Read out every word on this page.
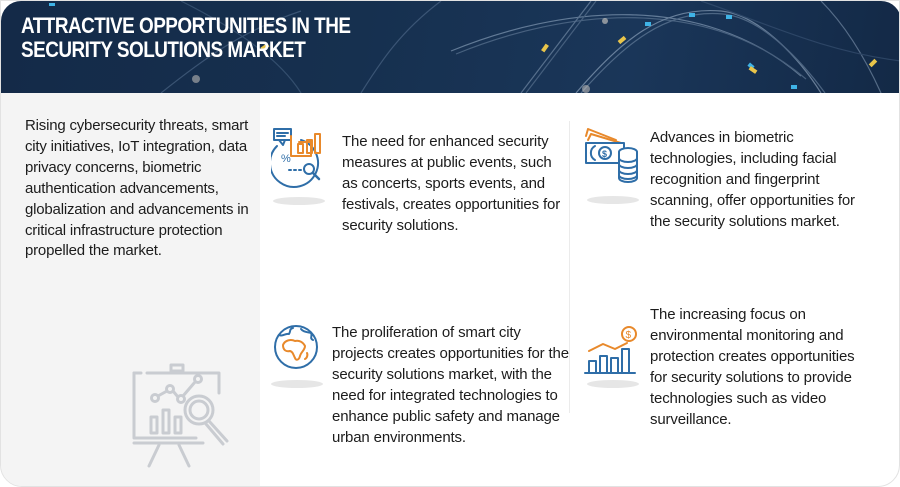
ATTRACTIVE OPPORTUNITIES IN THE
SECURITY SOLUTIONS MARKET
Rising cybersecurity threats, smart city initiatives, IoT integration, data privacy concerns, biometric authentication advancements, globalization and advancements in critical infrastructure protection propelled the market.
%
The need for enhanced security measures at public events, such as concerts, sports events, and festivals, creates opportunities for security solutions.
$
Advances in biometric technologies, including facial recognition and fingerprint scanning, offer opportunities for the security solutions market.
The proliferation of smart city projects creates opportunities for the security solutions market, with the need for integrated technologies to enhance public safety and manage urban environments.
$
The increasing focus on environmental monitoring and protection creates opportunities for security solutions to provide technologies such as video surveillance.
